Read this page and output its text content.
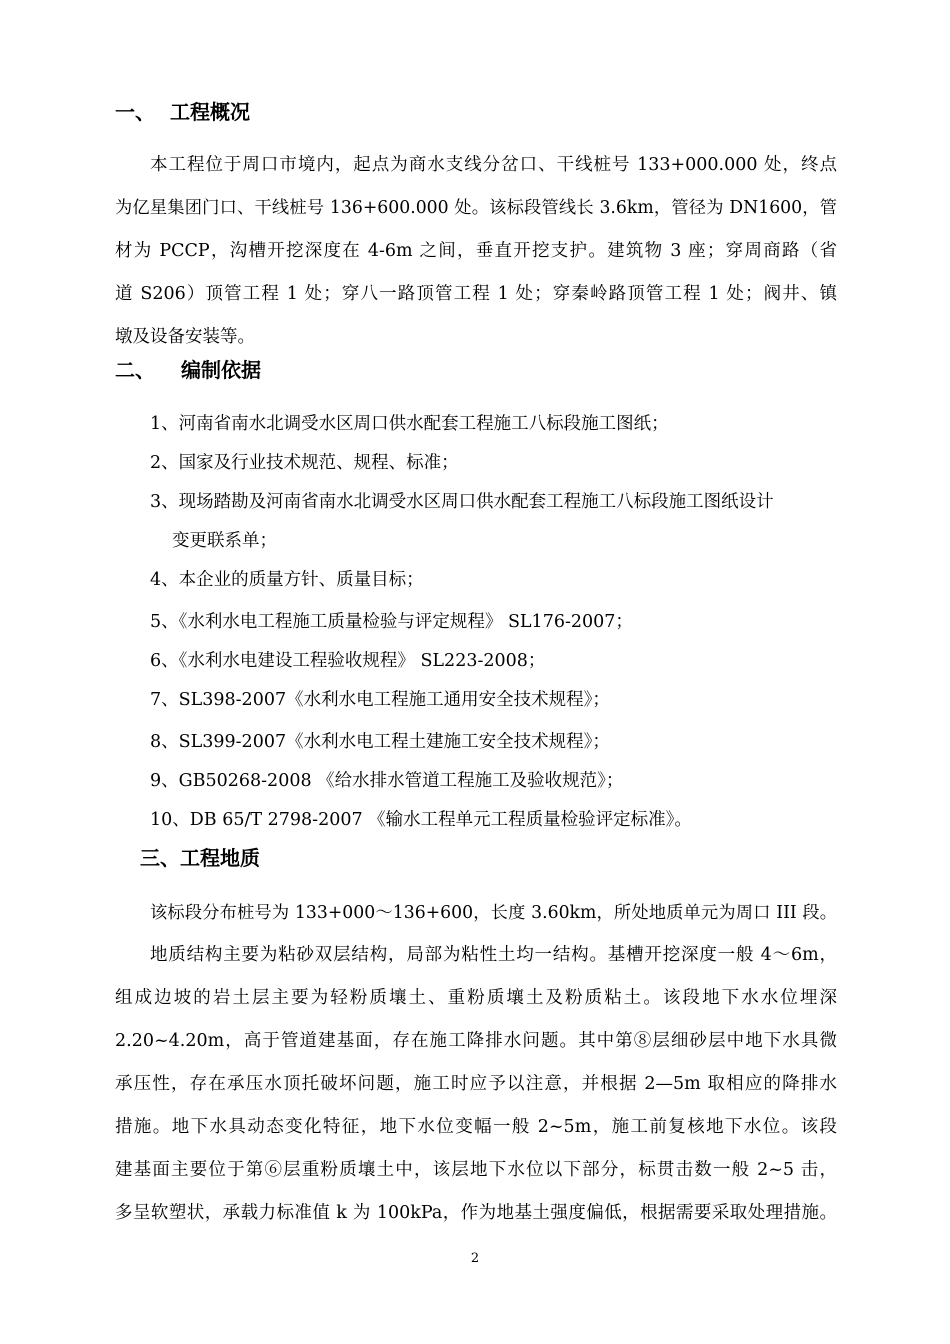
一、 工程概况
本工程位于周口市境内，起点为商水支线分岔口、干线桩号 133+000.000 处，终点
为亿星集团门口、干线桩号 136+600.000 处。该标段管线长 3.6km，管径为 DN1600，管
材为 PCCP，沟槽开挖深度在 4-6m 之间，垂直开挖支护。建筑物 3 座；穿周商路（省
道 S206）顶管工程 1 处；穿八一路顶管工程 1 处；穿秦岭路顶管工程 1 处；阀井、镇
墩及设备安装等。
二、 编制依据
1、河南省南水北调受水区周口供水配套工程施工八标段施工图纸；
2、国家及行业技术规范、规程、标准；
3、现场踏勘及河南省南水北调受水区周口供水配套工程施工八标段施工图纸设计
变更联系单；
4、本企业的质量方针、质量目标；
5、《水利水电工程施工质量检验与评定规程》 SL176-2007；
6、《水利水电建设工程验收规程》 SL223-2008；
7、SL398-2007《水利水电工程施工通用安全技术规程》；
8、SL399-2007《水利水电工程土建施工安全技术规程》；
9、GB50268-2008 《给水排水管道工程施工及验收规范》；
10、DB 65/T 2798-2007 《输水工程单元工程质量检验评定标准》。
三、工程地质
该标段分布桩号为 133+000～136+600，长度 3.60km，所处地质单元为周口 III 段。
地质结构主要为粘砂双层结构，局部为粘性土均一结构。基槽开挖深度一般 4～6m，
组成边坡的岩土层主要为轻粉质壤土、重粉质壤土及粉质粘土。该段地下水水位埋深
2.20~4.20m，高于管道建基面，存在施工降排水问题。其中第⑧层细砂层中地下水具微
承压性，存在承压水顶托破坏问题，施工时应予以注意，并根据 2—5m 取相应的降排水
措施。地下水具动态变化特征，地下水位变幅一般 2~5m，施工前复核地下水位。该段
建基面主要位于第⑥层重粉质壤土中，该层地下水位以下部分，标贯击数一般 2~5 击，
多呈软塑状，承载力标准值 k 为 100kPa，作为地基土强度偏低，根据需要采取处理措施。
2
